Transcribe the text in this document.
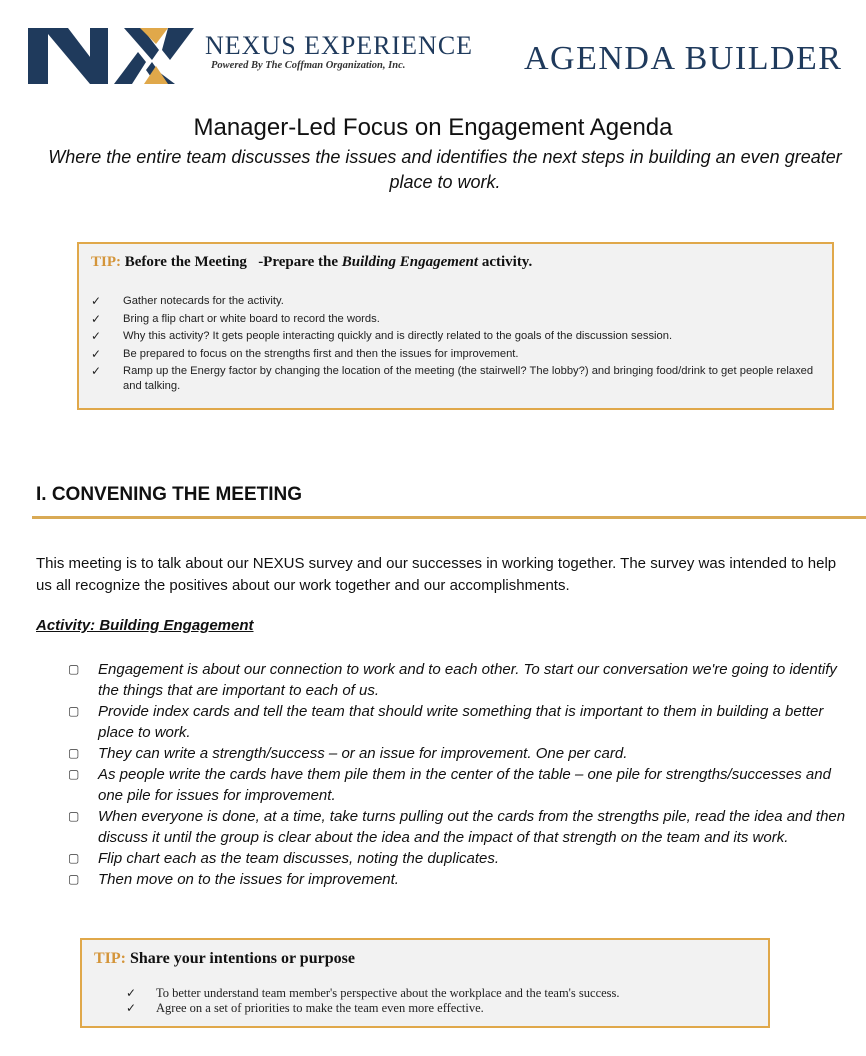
NEXUS EXPERIENCE
Powered By The Coffman Organization, Inc.	AGENDA BUILDER
Manager-Led Focus on Engagement Agenda
Where the entire team discusses the issues and identifies the next steps in building an even greater place to work.
TIP: Before the Meeting -Prepare the Building Engagement activity.
✓ Gather notecards for the activity.
✓ Bring a flip chart or white board to record the words.
✓ Why this activity? It gets people interacting quickly and is directly related to the goals of the discussion session.
✓ Be prepared to focus on the strengths first and then the issues for improvement.
✓ Ramp up the Energy factor by changing the location of the meeting (the stairwell? The lobby?) and bringing food/drink to get people relaxed and talking.
I. CONVENING THE MEETING

This meeting is to talk about our NEXUS survey and our successes in working together. The survey was intended to help us all recognize the positives about our work together and our accomplishments.

Activity: Building Engagement
▢ Engagement is about our connection to work and to each other. To start our conversation we're going to identify the things that are important to each of us.
▢ Provide index cards and tell the team that should write something that is important to them in building a better place to work.
▢ They can write a strength/success – or an issue for improvement. One per card.
▢ As people write the cards have them pile them in the center of the table – one pile for strengths/successes and one pile for issues for improvement.
▢ When everyone is done, at a time, take turns pulling out the cards from the strengths pile, read the idea and then discuss it until the group is clear about the idea and the impact of that strength on the team and its work.
▢ Flip chart each as the team discusses, noting the duplicates.
▢ Then move on to the issues for improvement.
TIP: Share your intentions or purpose
✓ To better understand team member's perspective about the workplace and the team's success.
✓ Agree on a set of priorities to make the team even more effective.
